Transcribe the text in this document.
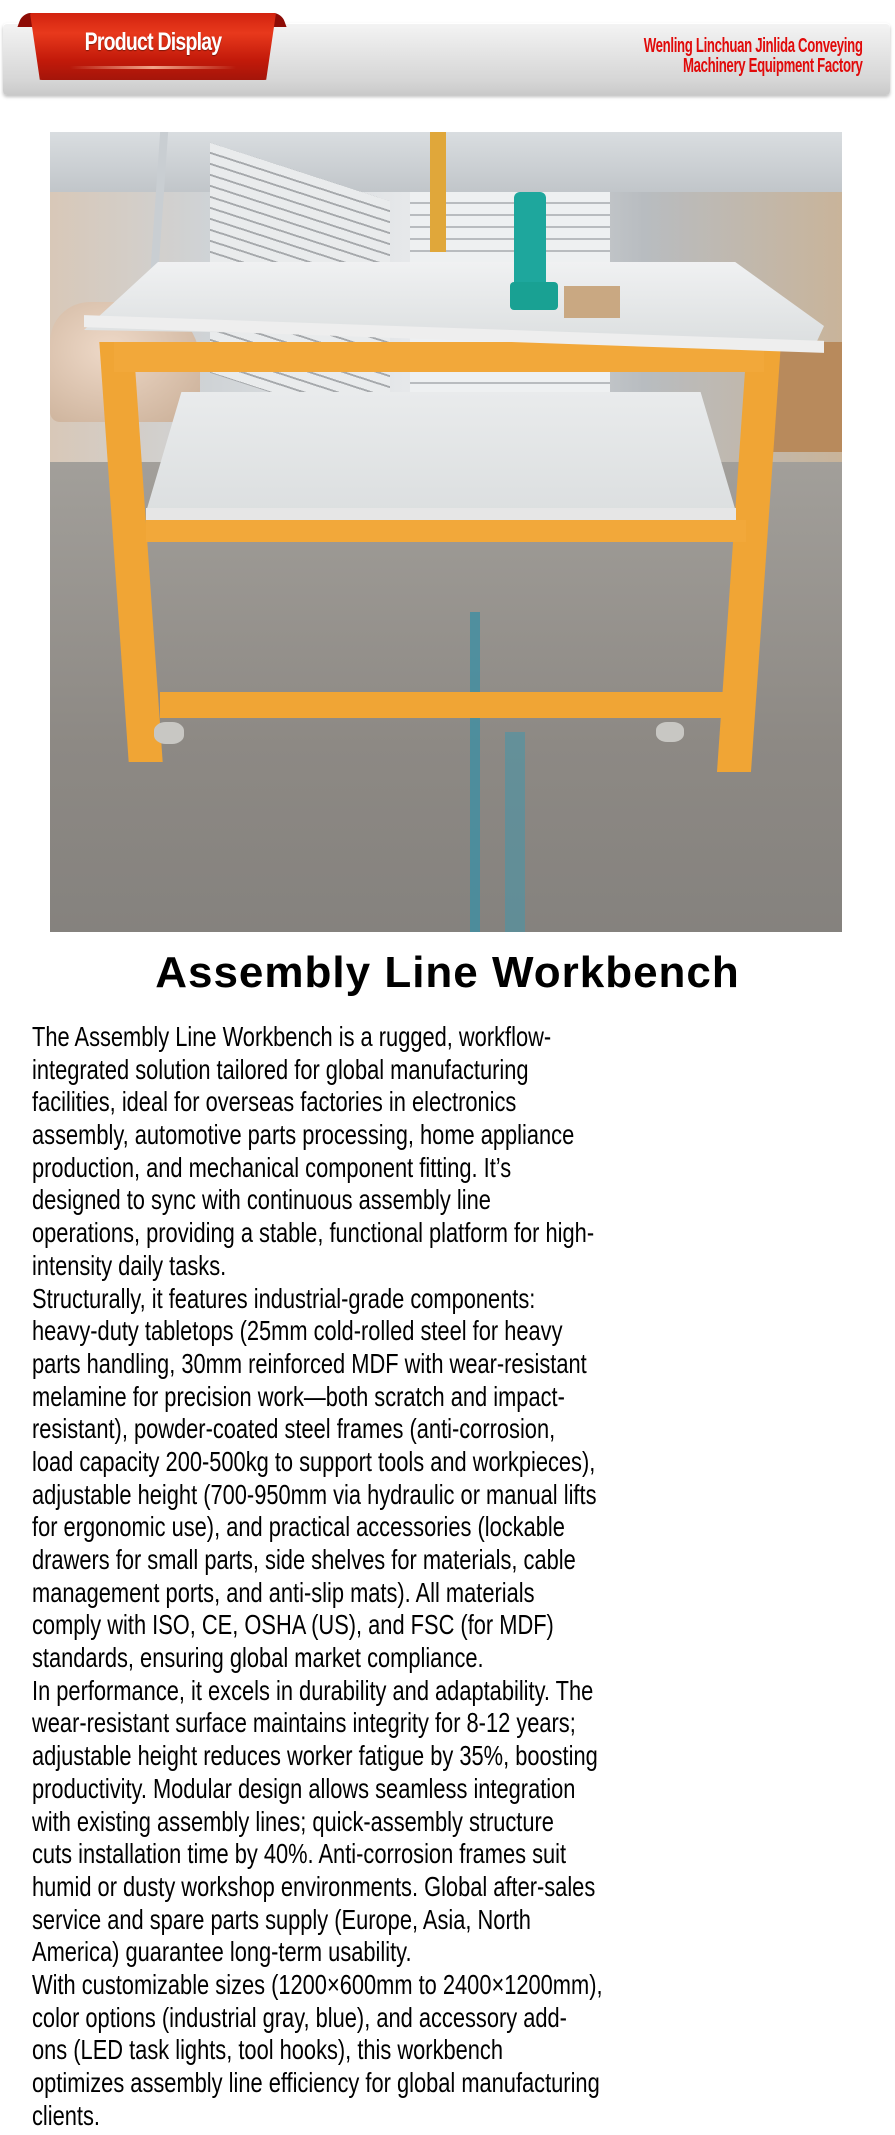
Product Display	Wenling Linchuan Jinlida Conveying
Machinery Equipment Factory
Assembly Line Workbench
The Assembly Line Workbench is a rugged, workflow-
integrated solution tailored for global manufacturing
facilities, ideal for overseas factories in electronics
assembly, automotive parts processing, home appliance
production, and mechanical component fitting. It’s
designed to sync with continuous assembly line
operations, providing a stable, functional platform for high-
intensity daily tasks.
Structurally, it features industrial-grade components:
heavy-duty tabletops (25mm cold-rolled steel for heavy
parts handling, 30mm reinforced MDF with wear-resistant
melamine for precision work—both scratch and impact-
resistant), powder-coated steel frames (anti-corrosion,
load capacity 200-500kg to support tools and workpieces),
adjustable height (700-950mm via hydraulic or manual lifts
for ergonomic use), and practical accessories (lockable
drawers for small parts, side shelves for materials, cable
management ports, and anti-slip mats). All materials
comply with ISO, CE, OSHA (US), and FSC (for MDF)
standards, ensuring global market compliance.
In performance, it excels in durability and adaptability. The
wear-resistant surface maintains integrity for 8-12 years;
adjustable height reduces worker fatigue by 35%, boosting
productivity. Modular design allows seamless integration
with existing assembly lines; quick-assembly structure
cuts installation time by 40%. Anti-corrosion frames suit
humid or dusty workshop environments. Global after-sales
service and spare parts supply (Europe, Asia, North
America) guarantee long-term usability.
With customizable sizes (1200×600mm to 2400×1200mm),
color options (industrial gray, blue), and accessory add-
ons (LED task lights, tool hooks), this workbench
optimizes assembly line efficiency for global manufacturing
clients.
